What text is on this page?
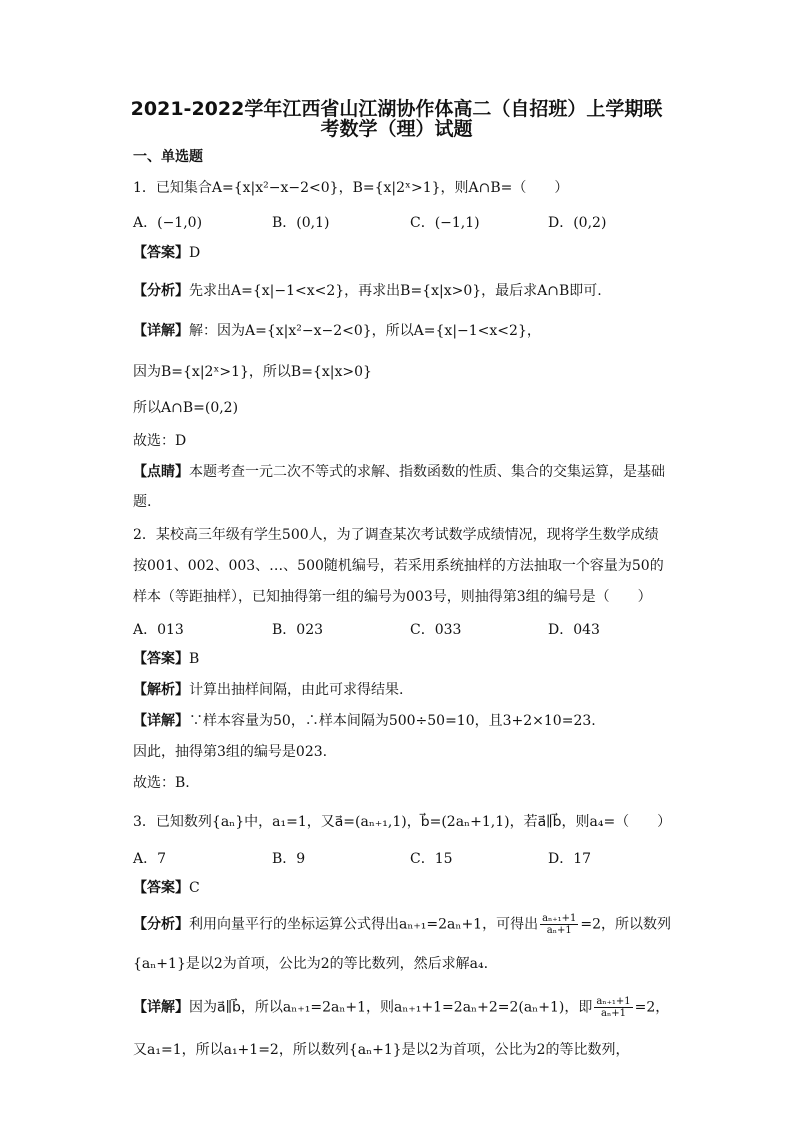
2021-2022学年江西省山江湖协作体高二（自招班）上学期联
考数学（理）试题
一、单选题
1．已知集合A={x|x²−x−2<0}，B={x|2ˣ>1}，则A∩B=（　　）
A．(−1,0)	B．(0,1)	C．(−1,1)	D．(0,2)
【答案】D
【分析】先求出A={x|−1<x<2}，再求出B={x|x>0}，最后求A∩B即可.
【详解】解：因为A={x|x²−x−2<0}，所以A={x|−1<x<2}，
因为B={x|2ˣ>1}，所以B={x|x>0}
所以A∩B=(0,2)
故选：D
【点睛】本题考查一元二次不等式的求解、指数函数的性质、集合的交集运算，是基础
题.
2．某校高三年级有学生500人，为了调查某次考试数学成绩情况，现将学生数学成绩
按001、002、003、…、500随机编号，若采用系统抽样的方法抽取一个容量为50的
样本（等距抽样），已知抽得第一组的编号为003号，则抽得第3组的编号是（　　）
A．013	B．023	C．033	D．043
【答案】B
【解析】计算出抽样间隔，由此可求得结果.
【详解】∵样本容量为50，∴样本间隔为500÷50=10，且3+2×10=23.
因此，抽得第3组的编号是023.
故选：B.
3．已知数列{aₙ}中，a₁=1，又a⃗=(aₙ₊₁,1)，b⃗=(2aₙ+1,1)，若a⃗∥b⃗，则a₄=（　　）
A．7	B．9	C．15	D．17
【答案】C
【分析】利用向量平行的坐标运算公式得出aₙ₊₁=2aₙ+1，可得出 $\frac{\text{aₙ₊₁+1}}{\text{aₙ+1}} =2$，所以数列
{aₙ+1}是以2为首项，公比为2的等比数列，然后求解a₄.
【详解】因为a⃗∥b⃗，所以aₙ₊₁=2aₙ+1，则aₙ₊₁+1=2aₙ+2=2(aₙ+1)，即 $\frac{\text{aₙ₊₁+1}}{\text{aₙ+1}} =2$，
又a₁=1，所以a₁+1=2，所以数列{aₙ+1}是以2为首项，公比为2的等比数列，
